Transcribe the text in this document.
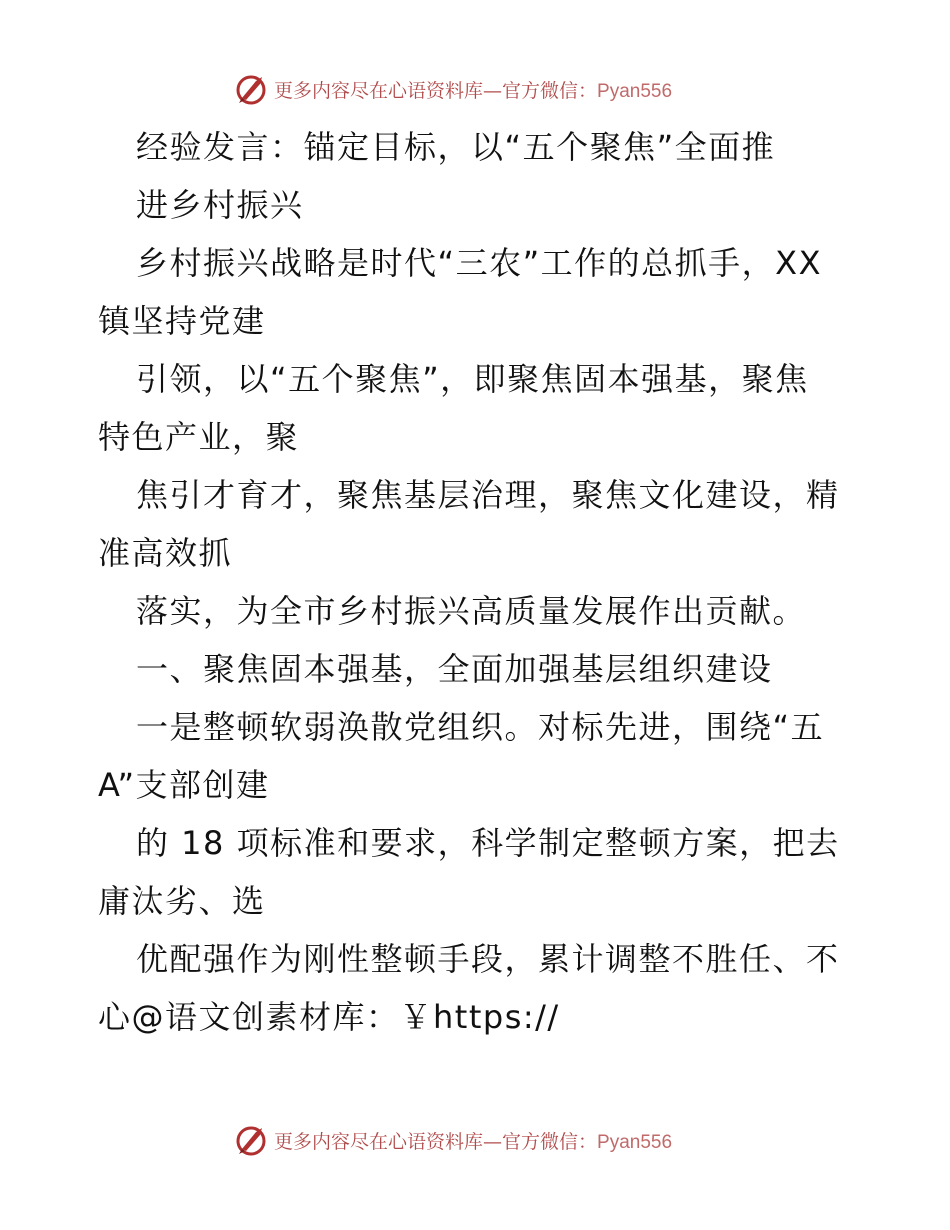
更多内容尽在心语资料库—官方微信：Pyan556
经验发言：锚定目标，以“五个聚焦”全面推
进乡村振兴
乡村振兴战略是时代“三农”工作的总抓手，XX
镇坚持党建
引领，以“五个聚焦”，即聚焦固本强基，聚焦
特色产业，聚
焦引才育才，聚焦基层治理，聚焦文化建设，精
准高效抓
落实，为全市乡村振兴高质量发展作出贡献。
一、聚焦固本强基，全面加强基层组织建设
一是整顿软弱涣散党组织。对标先进，围绕“五
A”支部创建
的 18 项标准和要求，科学制定整顿方案，把去
庸汰劣、选
优配强作为刚性整顿手段，累计调整不胜任、不
心@语文创素材库：￥https://
更多内容尽在心语资料库—官方微信：Pyan556
